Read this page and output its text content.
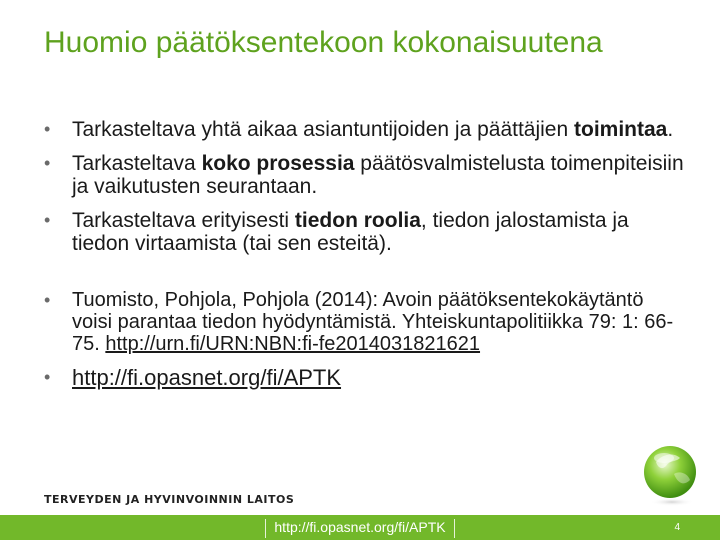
Huomio päätöksentekoon kokonaisuutena
• Tarkasteltava yhtä aikaa asiantuntijoiden ja päättäjien toimintaa.
• Tarkasteltava koko prosessia päätösvalmistelusta toimenpiteisiin ja vaikutusten seurantaan.
• Tarkasteltava erityisesti tiedon roolia, tiedon jalostamista ja tiedon virtaamista (tai sen esteitä).
• Tuomisto, Pohjola, Pohjola (2014): Avoin päätöksentekokäytäntö voisi parantaa tiedon hyödyntämistä. Yhteiskuntapolitiikka 79: 1: 66-75. http://urn.fi/URN:NBN:fi-fe2014031821621
• http://fi.opasnet.org/fi/APTK
TERVEYDEN JA HYVINVOINNIN LAITOS
http://fi.opasnet.org/fi/APTK	4
